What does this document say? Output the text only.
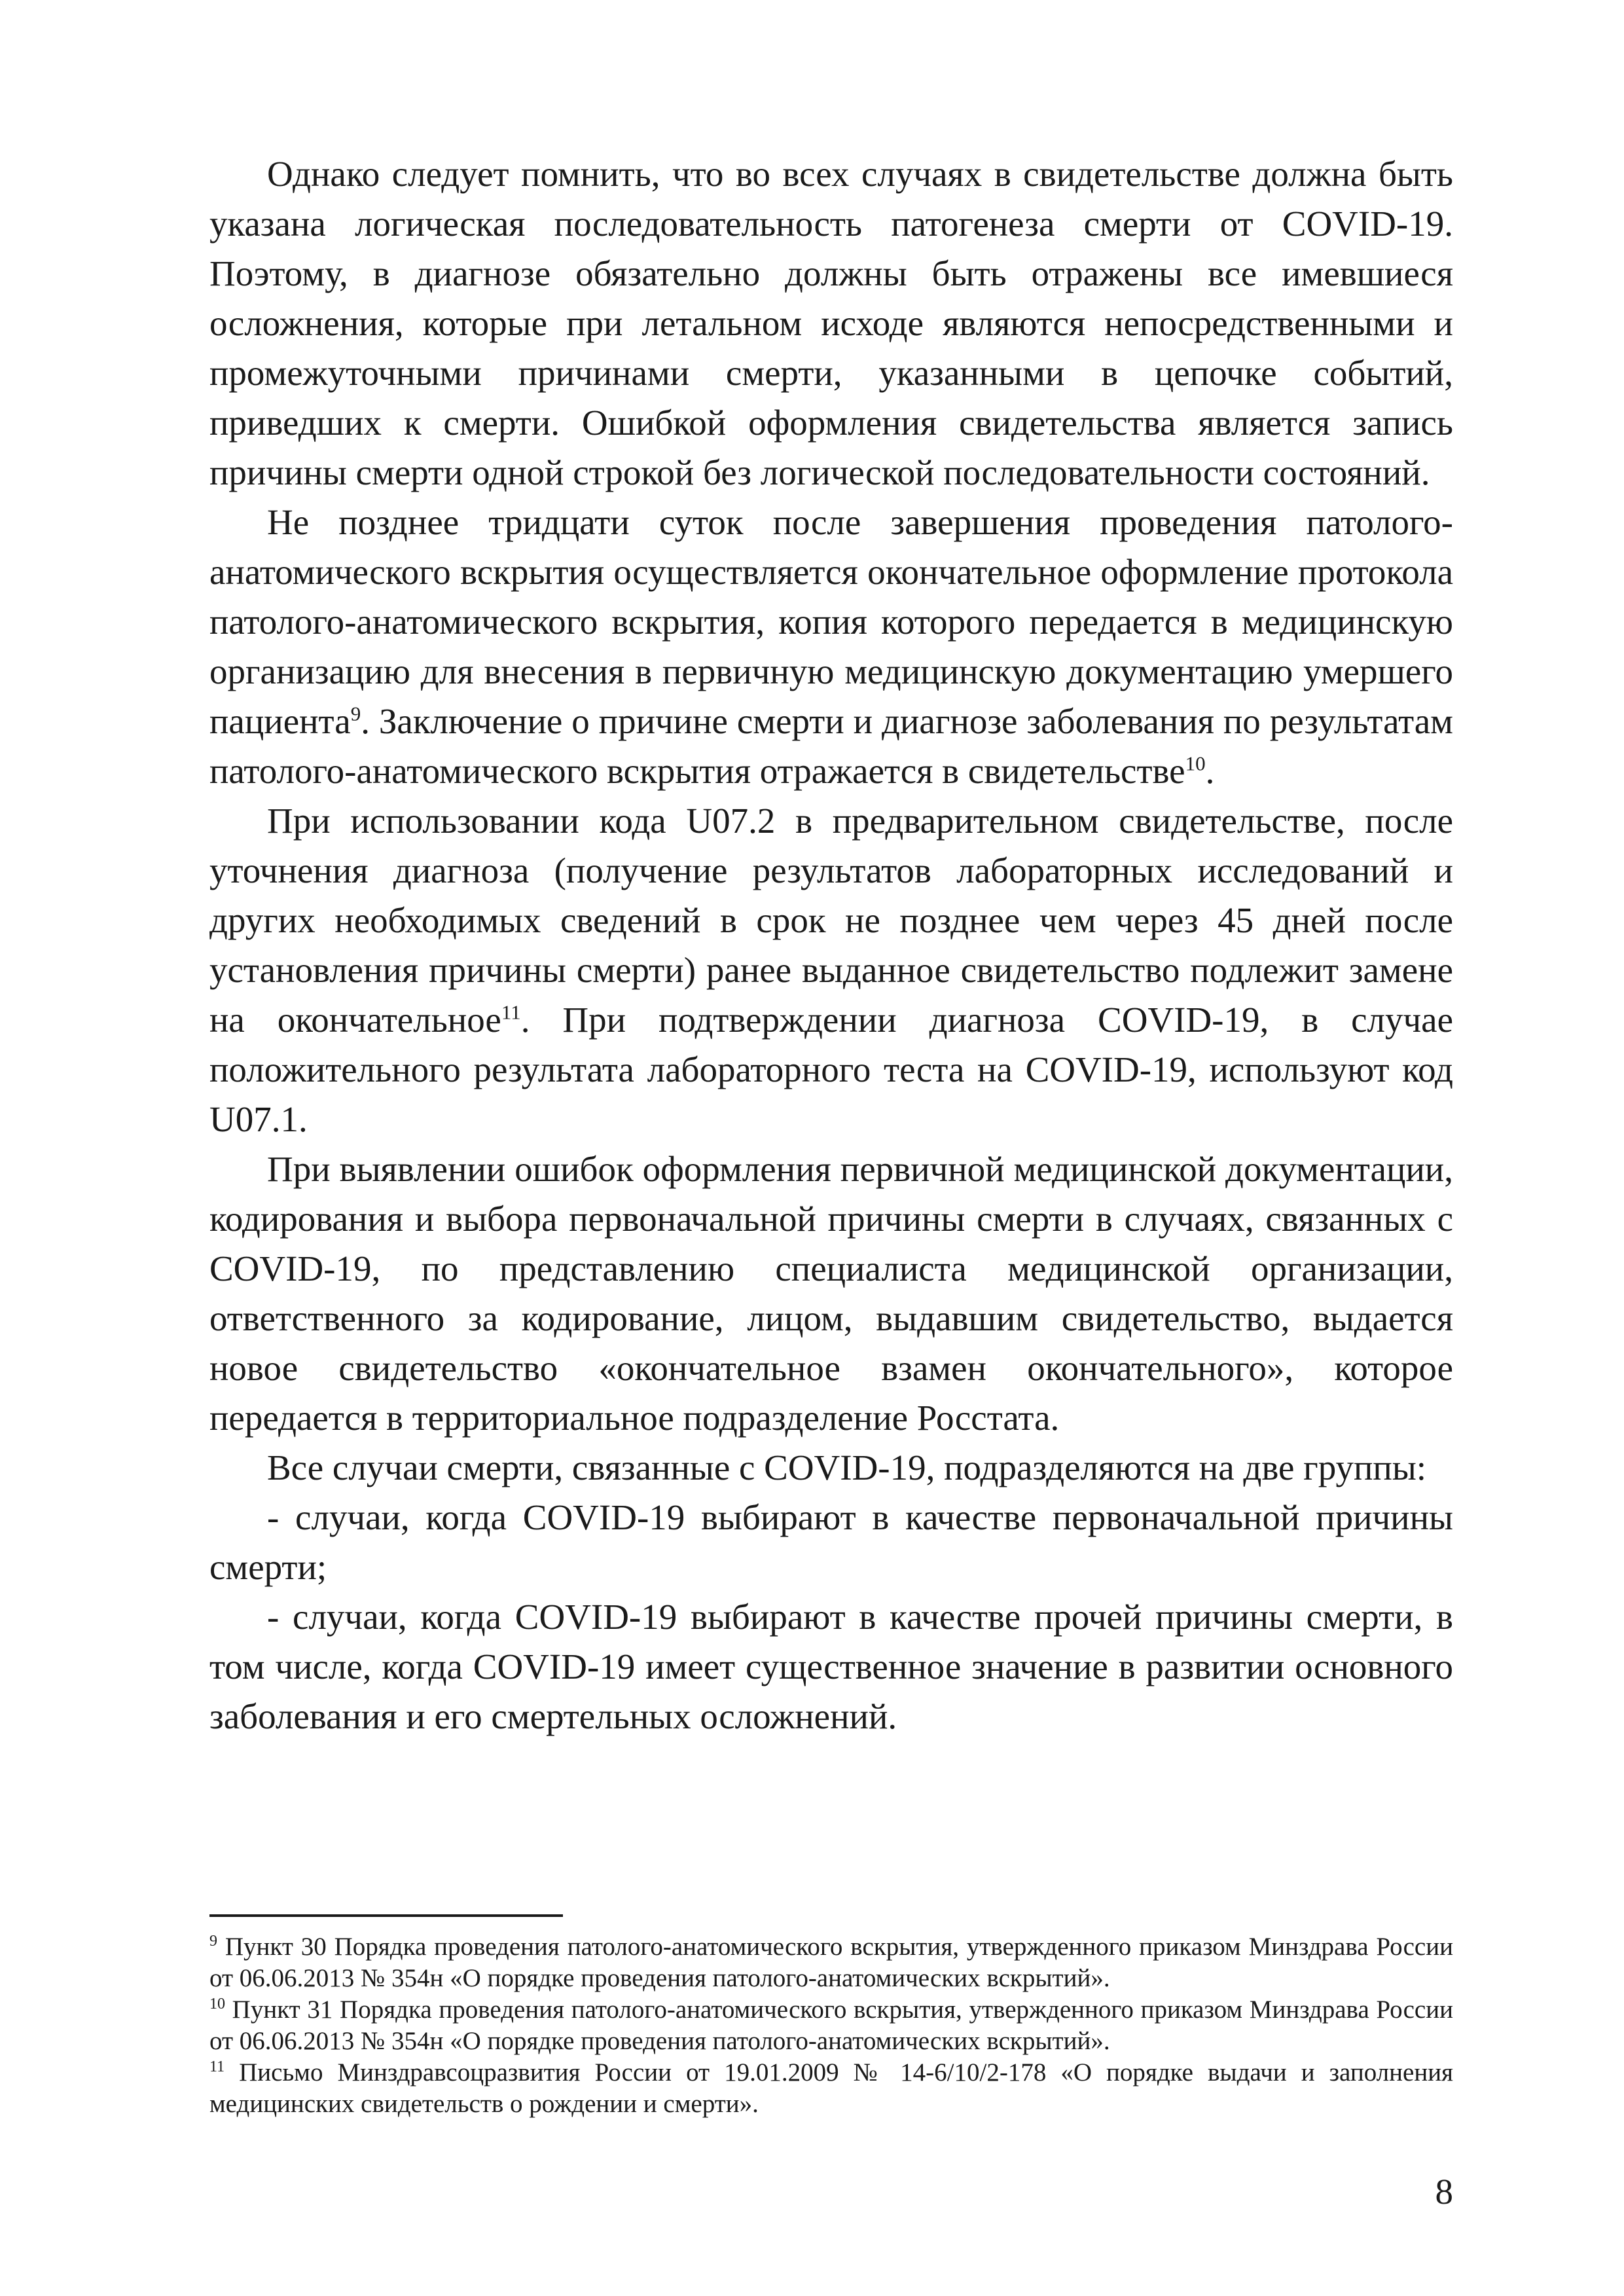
Однако следует помнить, что во всех случаях в свидетельстве должна быть указана логическая последовательность патогенеза смерти от COVID-19. Поэтому, в диагнозе обязательно должны быть отражены все имевшиеся осложнения, которые при летальном исходе являются непосредственными и промежуточными причинами смерти, указанными в цепочке событий, приведших к смерти. Ошибкой оформления свидетельства является запись причины смерти одной строкой без логической последовательности состояний.

Не позднее тридцати суток после завершения проведения патолого-анатомического вскрытия осуществляется окончательное оформление протокола патолого-анатомического вскрытия, копия которого передается в медицинскую организацию для внесения в первичную медицинскую документацию умершего пациента$^9$. Заключение о причине смерти и диагнозе заболевания по результатам патолого-анатомического вскрытия отражается в свидетельстве$^{10}$.

При использовании кода U07.2 в предварительном свидетельстве, после уточнения диагноза (получение результатов лабораторных исследований и других необходимых сведений в срок не позднее чем через 45 дней после установления причины смерти) ранее выданное свидетельство подлежит замене на окончательное$^{11}$. При подтверждении диагноза COVID-19, в случае положительного результата лабораторного теста на COVID-19, используют код U07.1.

При выявлении ошибок оформления первичной медицинской документации, кодирования и выбора первоначальной причины смерти в случаях, связанных с COVID-19, по представлению специалиста медицинской организации, ответственного за кодирование, лицом, выдавшим свидетельство, выдается новое свидетельство «окончательное взамен окончательного», которое передается в территориальное подразделение Росстата.

Все случаи смерти, связанные с COVID-19, подразделяются на две группы:

- случаи, когда COVID-19 выбирают в качестве первоначальной причины смерти;

- случаи, когда COVID-19 выбирают в качестве прочей причины смерти, в том числе, когда COVID-19 имеет существенное значение в развитии основного заболевания и его смертельных осложнений.

$^9$ Пункт 30 Порядка проведения патолого-анатомического вскрытия, утвержденного приказом Минздрава России от 06.06.2013 № 354н «О порядке проведения патолого-анатомических вскрытий».

$^{10}$ Пункт 31 Порядка проведения патолого-анатомического вскрытия, утвержденного приказом Минздрава России от 06.06.2013 № 354н «О порядке проведения патолого-анатомических вскрытий».

$^{11}$ Письмо Минздравсоцразвития России от 19.01.2009 № 14-6/10/2-178 «О порядке выдачи и заполнения медицинских свидетельств о рождении и смерти».

8
